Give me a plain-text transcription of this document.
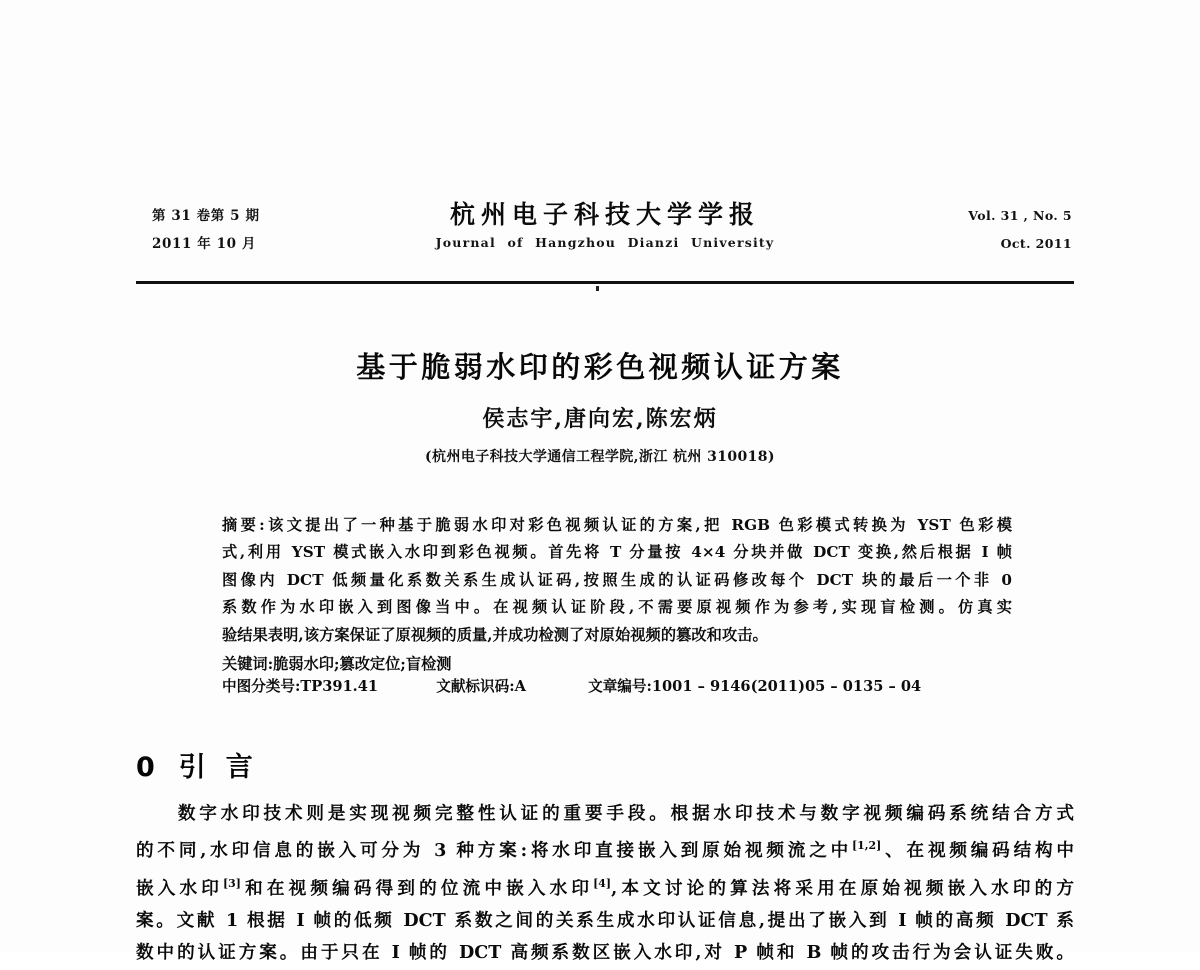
第 31 卷第 5 期
2011 年 10 月
杭州电子科技大学学报
Journal of Hangzhou Dianzi University
Vol. 31 , No. 5
Oct. 2011
基于脆弱水印的彩色视频认证方案
侯志宇,唐向宏,陈宏炳
(杭州电子科技大学通信工程学院,浙江 杭州 310018)
摘要:该文提出了一种基于脆弱水印对彩色视频认证的方案,把 RGB 色彩模式转换为 YST 色彩模
式,利用 YST 模式嵌入水印到彩色视频。首先将 T 分量按 4×4 分块并做 DCT 变换,然后根据 I 帧
图像内 DCT 低频量化系数关系生成认证码,按照生成的认证码修改每个 DCT 块的最后一个非 0
系数作为水印嵌入到图像当中。在视频认证阶段,不需要原视频作为参考,实现盲检测。仿真实
验结果表明,该方案保证了原视频的质量,并成功检测了对原始视频的篡改和攻击。
关键词:脆弱水印;篡改定位;盲检测
中图分类号:TP391.41	文献标识码:A	文章编号:1001 – 9146(2011)05 – 0135 – 04
0 引 言
数字水印技术则是实现视频完整性认证的重要手段。根据水印技术与数字视频编码系统结合方式
的不同,水印信息的嵌入可分为 3 种方案:将水印直接嵌入到原始视频流之中[1,2]、在视频编码结构中
嵌入水印[3]和在视频编码得到的位流中嵌入水印[4],本文讨论的算法将采用在原始视频嵌入水印的方
案。文献 1 根据 I 帧的低频 DCT 系数之间的关系生成水印认证信息,提出了嵌入到 I 帧的高频 DCT 系
数中的认证方案。由于只在 I 帧的 DCT 高频系数区嵌入水印,对 P 帧和 B 帧的攻击行为会认证失败。
